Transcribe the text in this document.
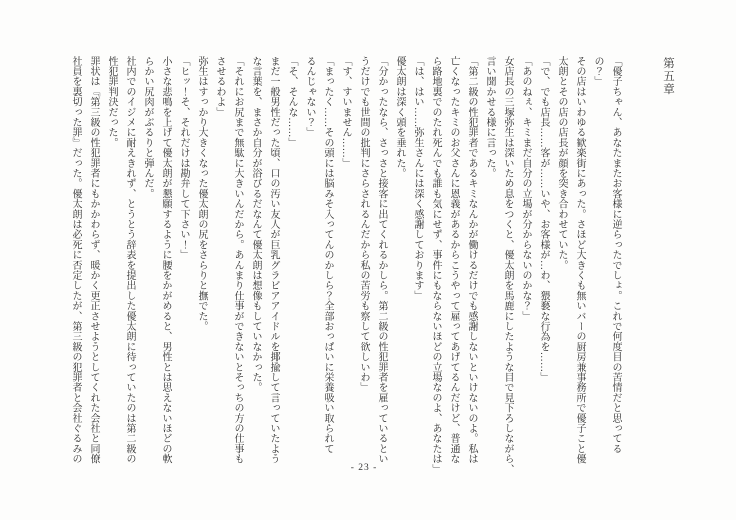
第五章
「優子ちゃん、あなたまたお客様に逆らったでしょ。これで何度目の苦情だと思ってる
の？」
その店はいわゆる歓楽街にあった。さほど大きくも無いバーの厨房兼事務所で優子こと優
太朗とその店の店長が顔を突き合わせていた。
「で、でも店長……客が……いや、お客様が…わ、猥褻な行為を……」
「あのねぇ、キミまだ自分の立場が分からないのかな？」
女店長の三塚弥生は深いため息をつくと、優太朗を馬鹿にしたような目で見下ろしながら、
言い聞かせる様に言った。
「第二級の性犯罪者であるキミなんかが働けるだけでも感謝しないといけないのよ。私は
亡くなったキミのお父さんに恩義があるからこうやって雇ってあげてるんだけど、普通な
ら路地裏でのたれ死んでも誰も気にせず、事件にもならないほどの立場なのよ、あなたは」
「は、はい……弥生さんには深く感謝しております」
優太朗は深く頭を垂れた。
「分かったなら、さっさと接客に出てくれるかしら。第二級の性犯罪者を雇っているとい
うだけでも世間の批判にさらされるんだから私の苦労も察して欲しいわ」
「す、すいません……」
「まったく……その頭には脳みそ入ってんのかしら？全部おっぱいに栄養吸い取られて
るんじゃない？」
「そ、そんな……」
まだ一般男性だった頃、口の汚い友人が巨乳グラビアアイドルを揶揄して言っていたよう
な言葉を、まさか自分が浴びるだなんて優太朗は想像もしていなかった。
「それにお尻まで無駄に大きいんだから。あんまり仕事ができないとそっちの方の仕事も
させるわよ」
弥生はすっかり大きくなった優太朗の尻をさらりと撫でた。
「ヒッ！そ、それだけは勘弁して下さい！」
小さな悲鳴を上げて優太朗が懇願するように腰をかがめると、男性とは思えないほどの軟
らかい尻肉がぶるりと弾んだ。
社内でのイジメに耐えきれず、とうとう辞表を提出した優太朗に待っていたのは第二級の
性犯罪判決だった。
罪状は『第三級の性犯罪者にもかかわらず、暖かく更正させようとしてくれた会社と同僚
社員を裏切った罪』だった。優太朗は必死に否定したが、第三級の犯罪者と会社ぐるみの
- 23 -
